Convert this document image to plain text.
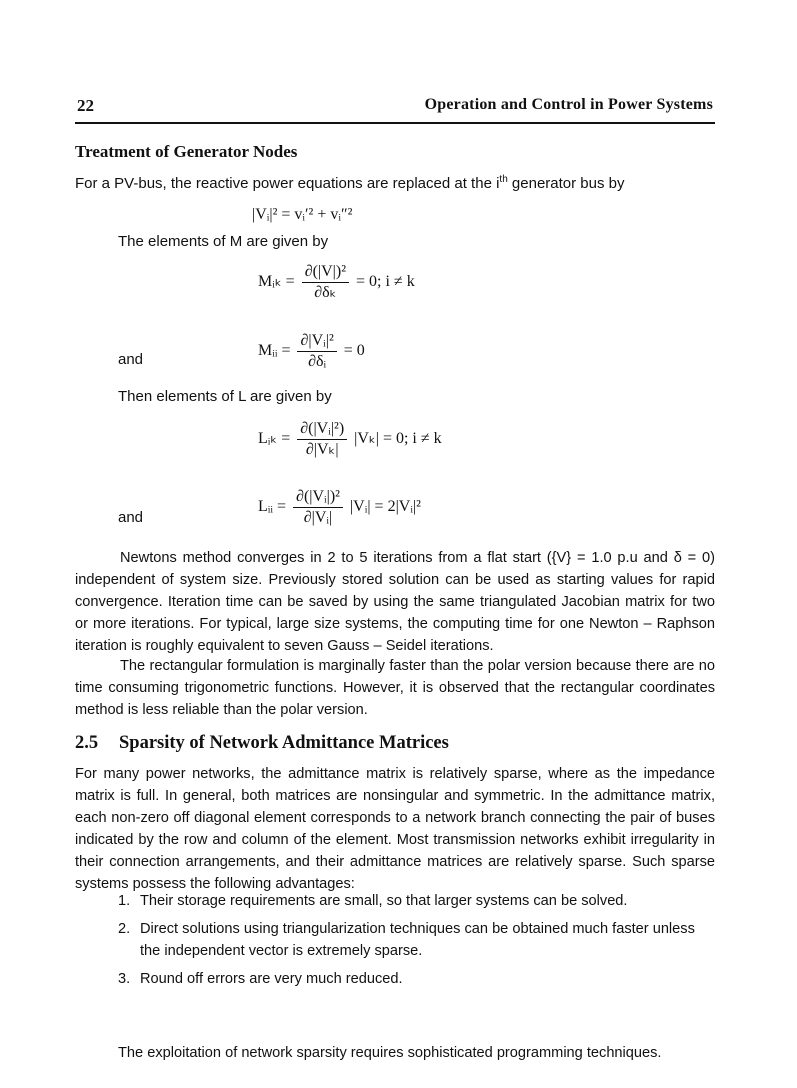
22	Operation and Control in Power Systems
Treatment of Generator Nodes
For a PV-bus, the reactive power equations are replaced at the $i^{th}$ generator bus by
|Vᵢ|² = vᵢ′² + vᵢ″²
The elements of M are given by
Mᵢₖ = $\frac{\text{∂(|V|)²}}{\text{∂δₖ}} = 0$; i ≠ k
and
Mᵢᵢ = $\frac{\text{∂|Vᵢ|²}}{\text{∂δᵢ}} = 0$
Then elements of L are given by
Lᵢₖ = $\frac{\text{∂(|Vᵢ|²)}}{\text{∂|Vₖ|}} |V_k| = 0$; i ≠ k
and
Lᵢᵢ = $\frac{\text{∂(|Vᵢ|)²}}{\text{∂|Vᵢ|}}$ |Vᵢ| = 2|Vᵢ|²

Newtons method converges in 2 to 5 iterations from a flat start ({V} = 1.0 p.u and δ = 0) independent of system size. Previously stored solution can be used as starting values for rapid convergence. Iteration time can be saved by using the same triangulated Jacobian matrix for two or more iterations. For typical, large size systems, the computing time for one Newton – Raphson iteration is roughly equivalent to seven Gauss – Seidel iterations.

The rectangular formulation is marginally faster than the polar version because there are no time consuming trigonometric functions. However, it is observed that the rectangular coordinates method is less reliable than the polar version.

2.5 Sparsity of Network Admittance Matrices

For many power networks, the admittance matrix is relatively sparse, where as the impedance matrix is full. In general, both matrices are nonsingular and symmetric. In the admittance matrix, each non-zero off diagonal element corresponds to a network branch connecting the pair of buses indicated by the row and column of the element. Most transmission networks exhibit irregularity in their connection arrangements, and their admittance matrices are relatively sparse. Such sparse systems possess the following advantages:

1. Their storage requirements are small, so that larger systems can be solved.
2. Direct solutions using triangularization techniques can be obtained much faster unless the independent vector is extremely sparse.
3. Round off errors are very much reduced.
The exploitation of network sparsity requires sophisticated programming techniques.
